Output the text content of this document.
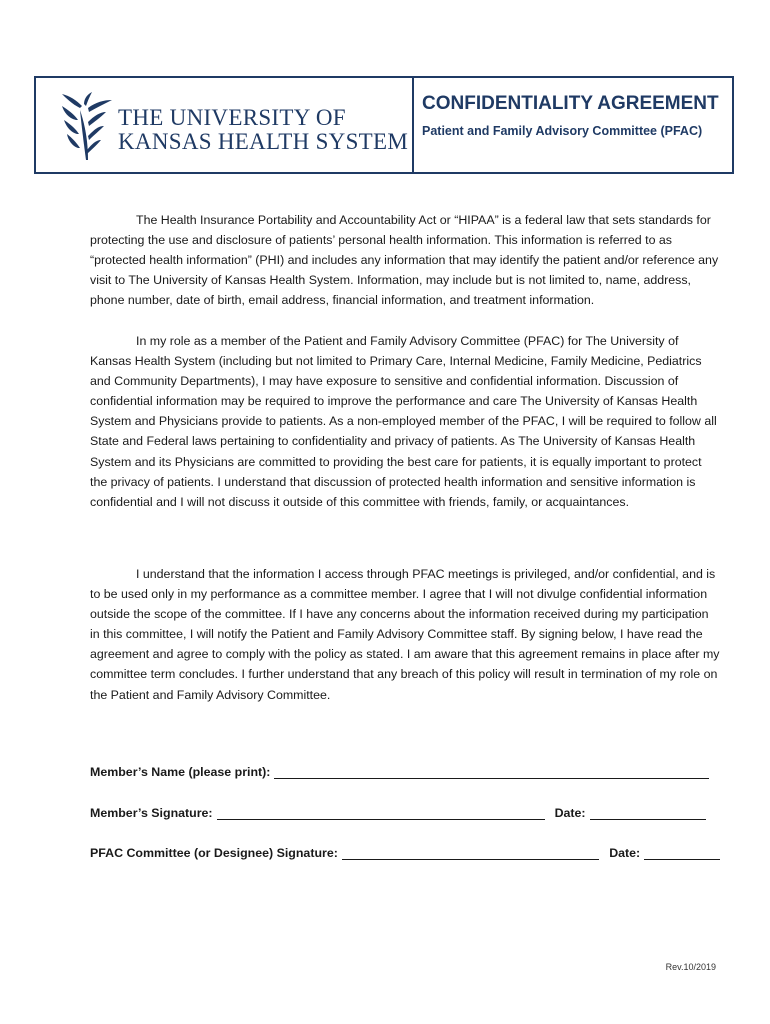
THE UNIVERSITY OF
KANSAS HEALTH SYSTEM
CONFIDENTIALITY AGREEMENT
Patient and Family Advisory Committee (PFAC)

The Health Insurance Portability and Accountability Act or “HIPAA” is a federal law that sets standards for protecting the use and disclosure of patients’ personal health information. This information is referred to as “protected health information” (PHI) and includes any information that may identify the patient and/or reference any visit to The University of Kansas Health System. Information, may include but is not limited to, name, address, phone number, date of birth, email address, financial information, and treatment information.

In my role as a member of the Patient and Family Advisory Committee (PFAC) for The University of Kansas Health System (including but not limited to Primary Care, Internal Medicine, Family Medicine, Pediatrics and Community Departments), I may have exposure to sensitive and confidential information. Discussion of confidential information may be required to improve the performance and care The University of Kansas Health System and Physicians provide to patients. As a non-employed member of the PFAC, I will be required to follow all State and Federal laws pertaining to confidentiality and privacy of patients. As The University of Kansas Health System and its Physicians are committed to providing the best care for patients, it is equally important to protect the privacy of patients. I understand that discussion of protected health information and sensitive information is confidential and I will not discuss it outside of this committee with friends, family, or acquaintances.

I understand that the information I access through PFAC meetings is privileged, and/or confidential, and is to be used only in my performance as a committee member. I agree that I will not divulge confidential information outside the scope of the committee. If I have any concerns about the information received during my participation in this committee, I will notify the Patient and Family Advisory Committee staff. By signing below, I have read the agreement and agree to comply with the policy as stated. I am aware that this agreement remains in place after my committee term concludes. I further understand that any breach of this policy will result in termination of my role on the Patient and Family Advisory Committee.

Member’s Name (please print):
Member’s Signature:	Date:
PFAC Committee (or Designee) Signature:	Date:
Rev.10/2019
